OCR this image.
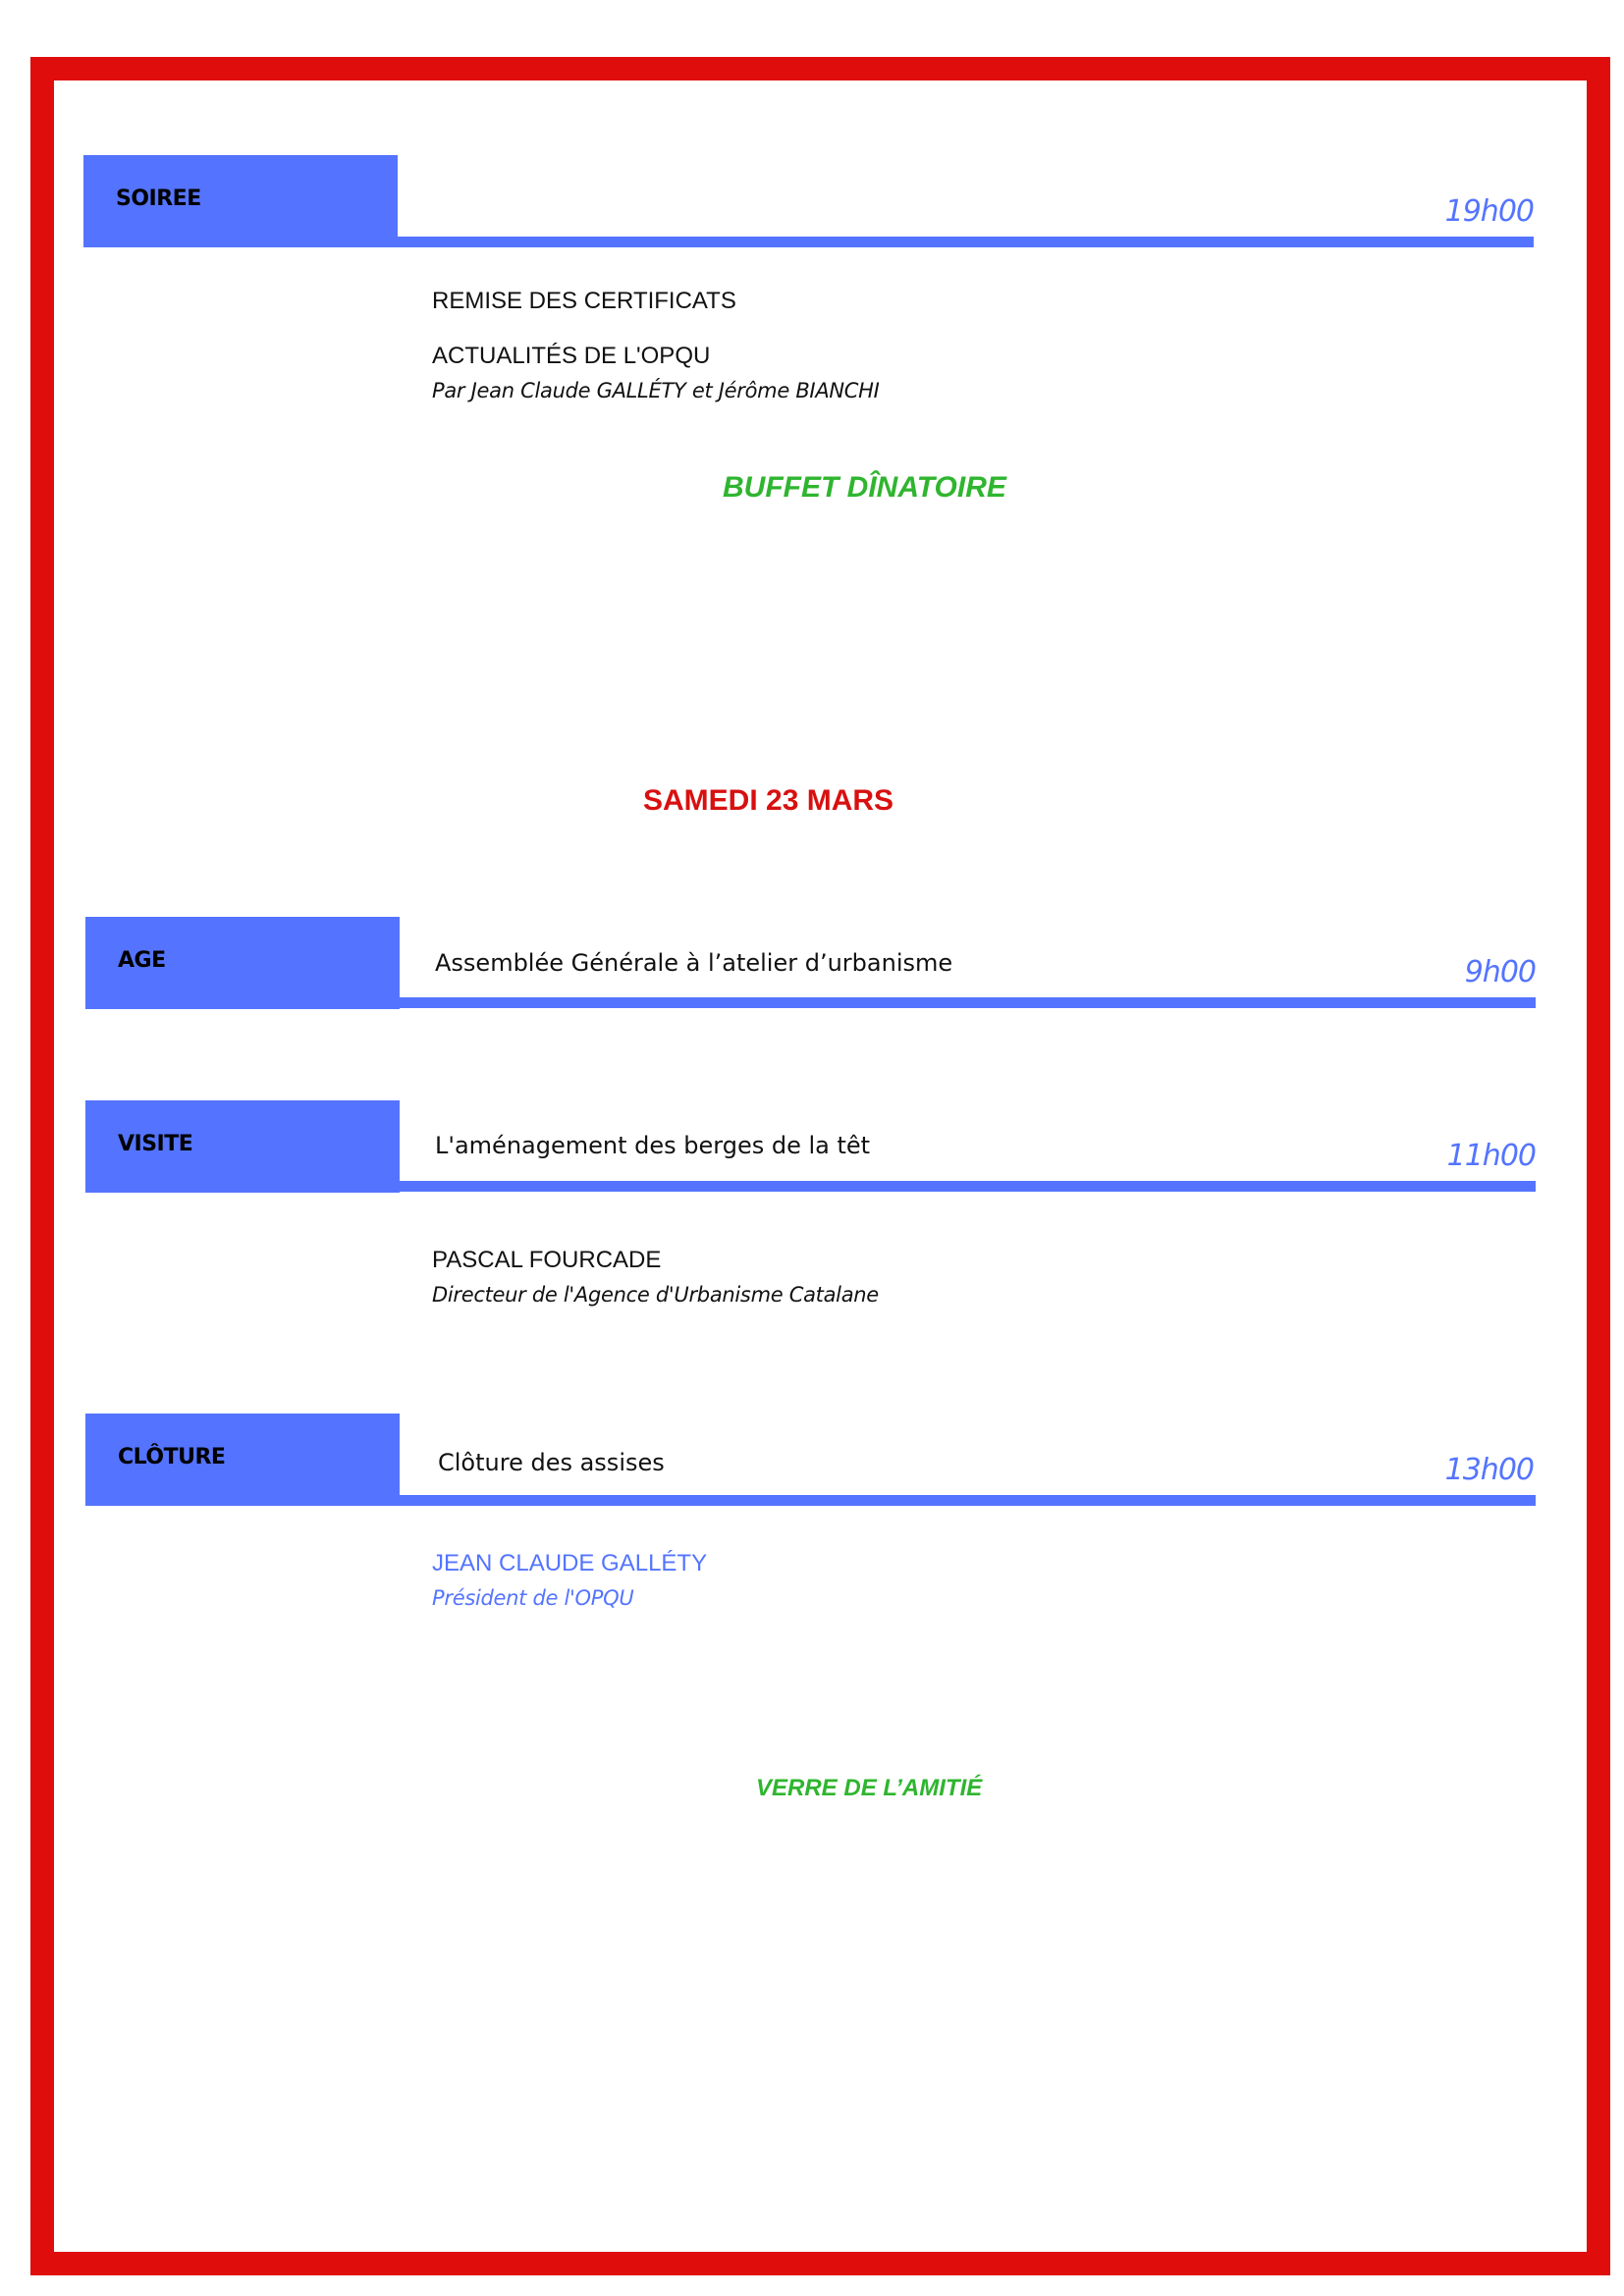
SOIREE	19h00
REMISE DES CERTIFICATS
ACTUALITÉS DE L'OPQU
Par Jean Claude GALLÉTY et Jérôme BIANCHI
BUFFET DÎNATOIRE
SAMEDI 23 MARS
AGE	Assemblée Générale à l’atelier d’urbanisme	9h00
VISITE	L'aménagement des berges de la têt	11h00
PASCAL FOURCADE
Directeur de l'Agence d'Urbanisme Catalane
CLÔTURE	Clôture des assises	13h00
JEAN CLAUDE GALLÉTY
Président de l'OPQU
VERRE DE L’AMITIÉ
